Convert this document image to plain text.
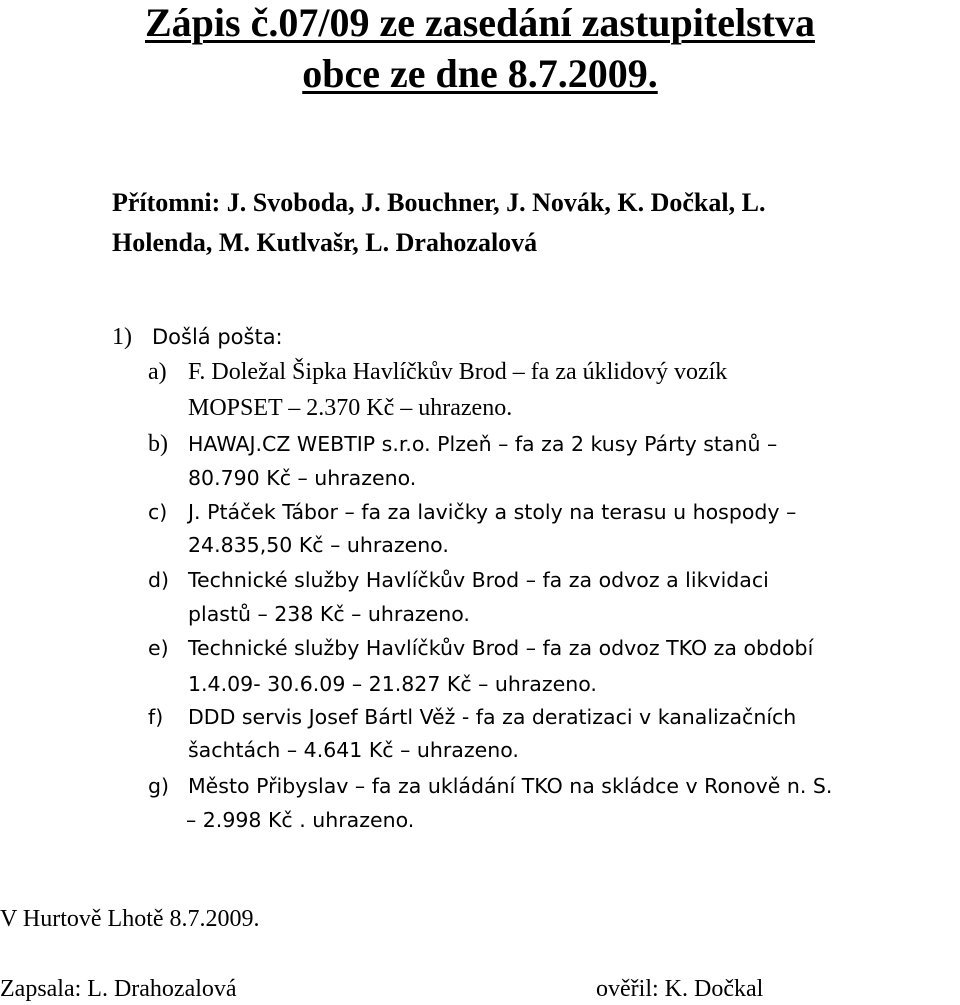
Zápis č.07/09 ze zasedání zastupitelstva
obce ze dne 8.7.2009.
Přítomni: J. Svoboda, J. Bouchner, J. Novák, K. Dočkal, L.
Holenda, M. Kutlvašr, L. Drahozalová
1) Došlá pošta:
a) F. Doležal Šipka Havlíčkův Brod – fa za úklidový vozík
MOPSET – 2.370 Kč – uhrazeno.
b) HAWAJ.CZ WEBTIP s.r.o. Plzeň – fa za 2 kusy Párty stanů –
80.790 Kč – uhrazeno.
c) J. Ptáček Tábor – fa za lavičky a stoly na terasu u hospody –
24.835,50 Kč – uhrazeno.
d) Technické služby Havlíčkův Brod – fa za odvoz a likvidaci
plastů – 238 Kč – uhrazeno.
e) Technické služby Havlíčkův Brod – fa za odvoz TKO za období
1.4.09- 30.6.09 – 21.827 Kč – uhrazeno.
f) DDD servis Josef Bártl Věž - fa za deratizaci v kanalizačních
šachtách – 4.641 Kč – uhrazeno.
g) Město Přibyslav – fa za ukládání TKO na skládce v Ronově n. S.
– 2.998 Kč . uhrazeno.
V Hurtově Lhotě 8.7.2009.
Zapsala: L. Drahozalová	ověřil: K. Dočkal
